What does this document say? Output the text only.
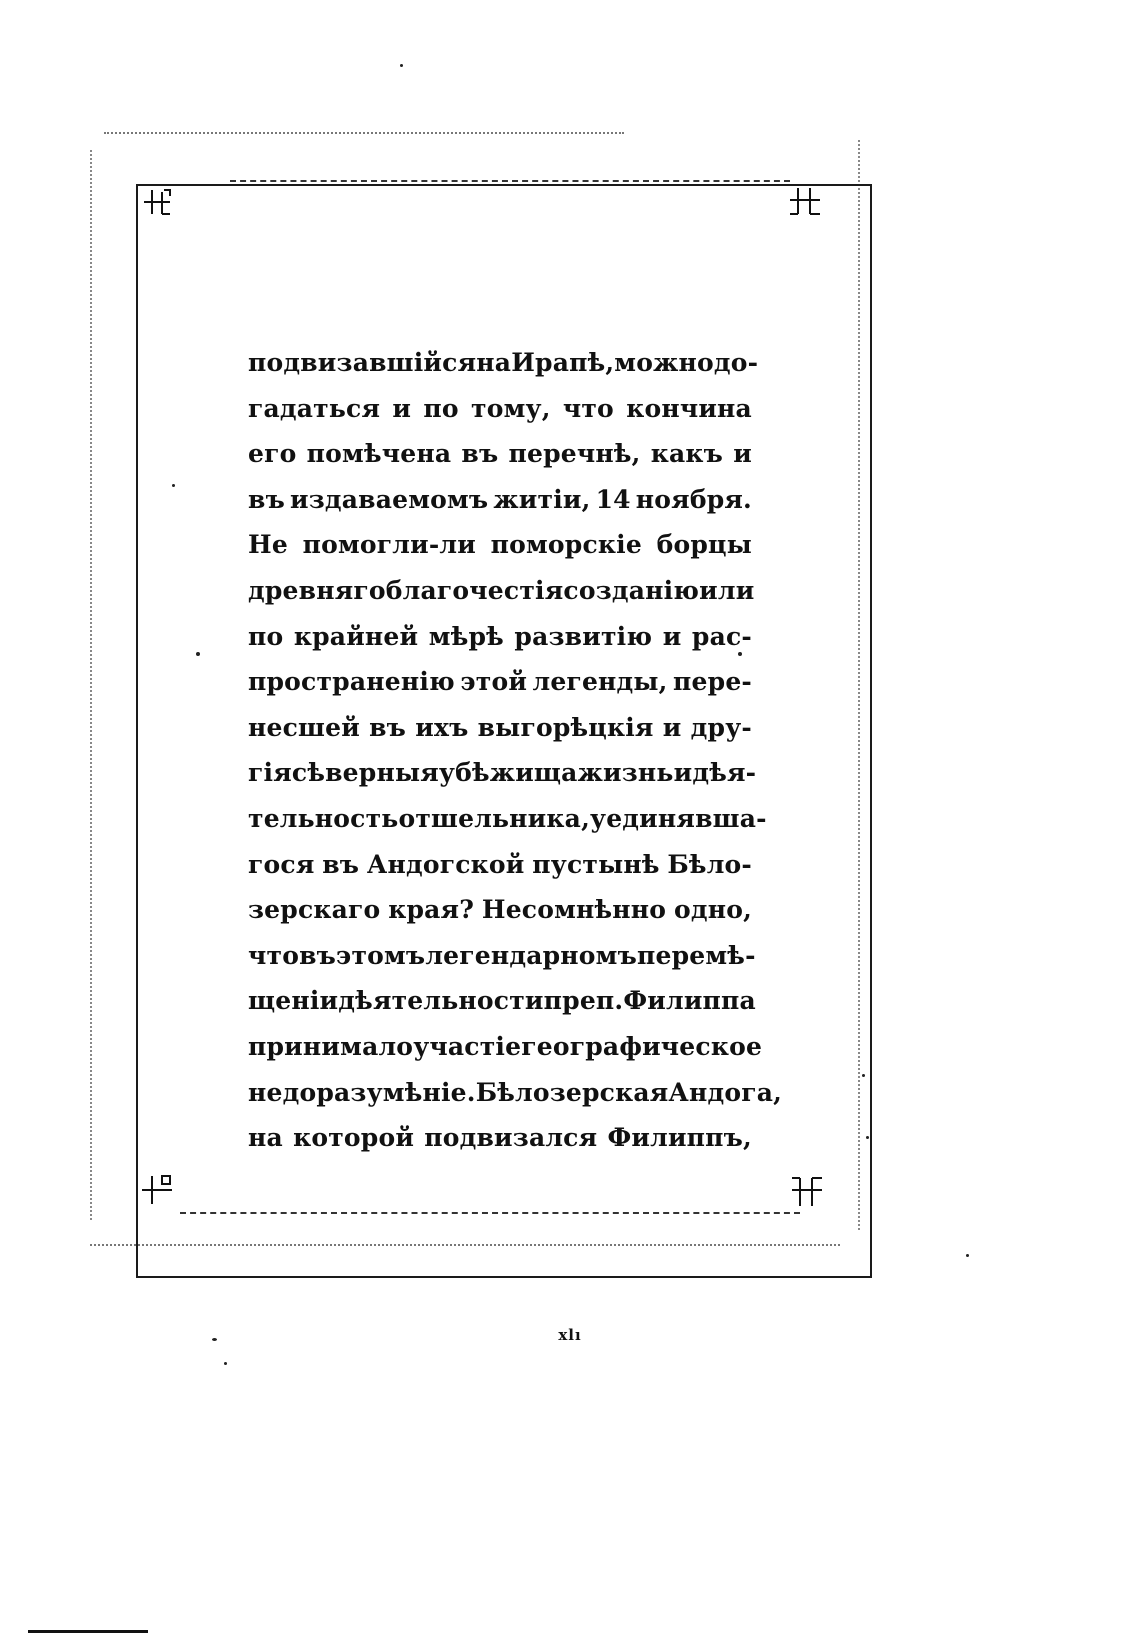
подвизавшійся на Ирапѣ, можно до-
гадаться и по тому, что кончина
его помѣчена въ перечнѣ, какъ и
въ издаваемомъ житіи, 14 ноября.
Не помогли-ли поморскіе борцы
древняго благочестія созданію или
по крайней мѣрѣ развитію и рас-
пространенію этой легенды, пере-
несшей въ ихъ выгорѣцкія и дру-
гія сѣверныя убѣжища жизнь и дѣя-
тельность отшельника, уединявша-
гося въ Андогской пустынѣ Бѣло-
зерскаго края? Несомнѣнно одно,
что въ этомъ легендарномъ перемѣ-
щеніи дѣятельности преп. Филиппа
принимало участіе географическое
недоразумѣніе. Бѣлозерская Андога,
на которой подвизался Филиппъ,
xlı
